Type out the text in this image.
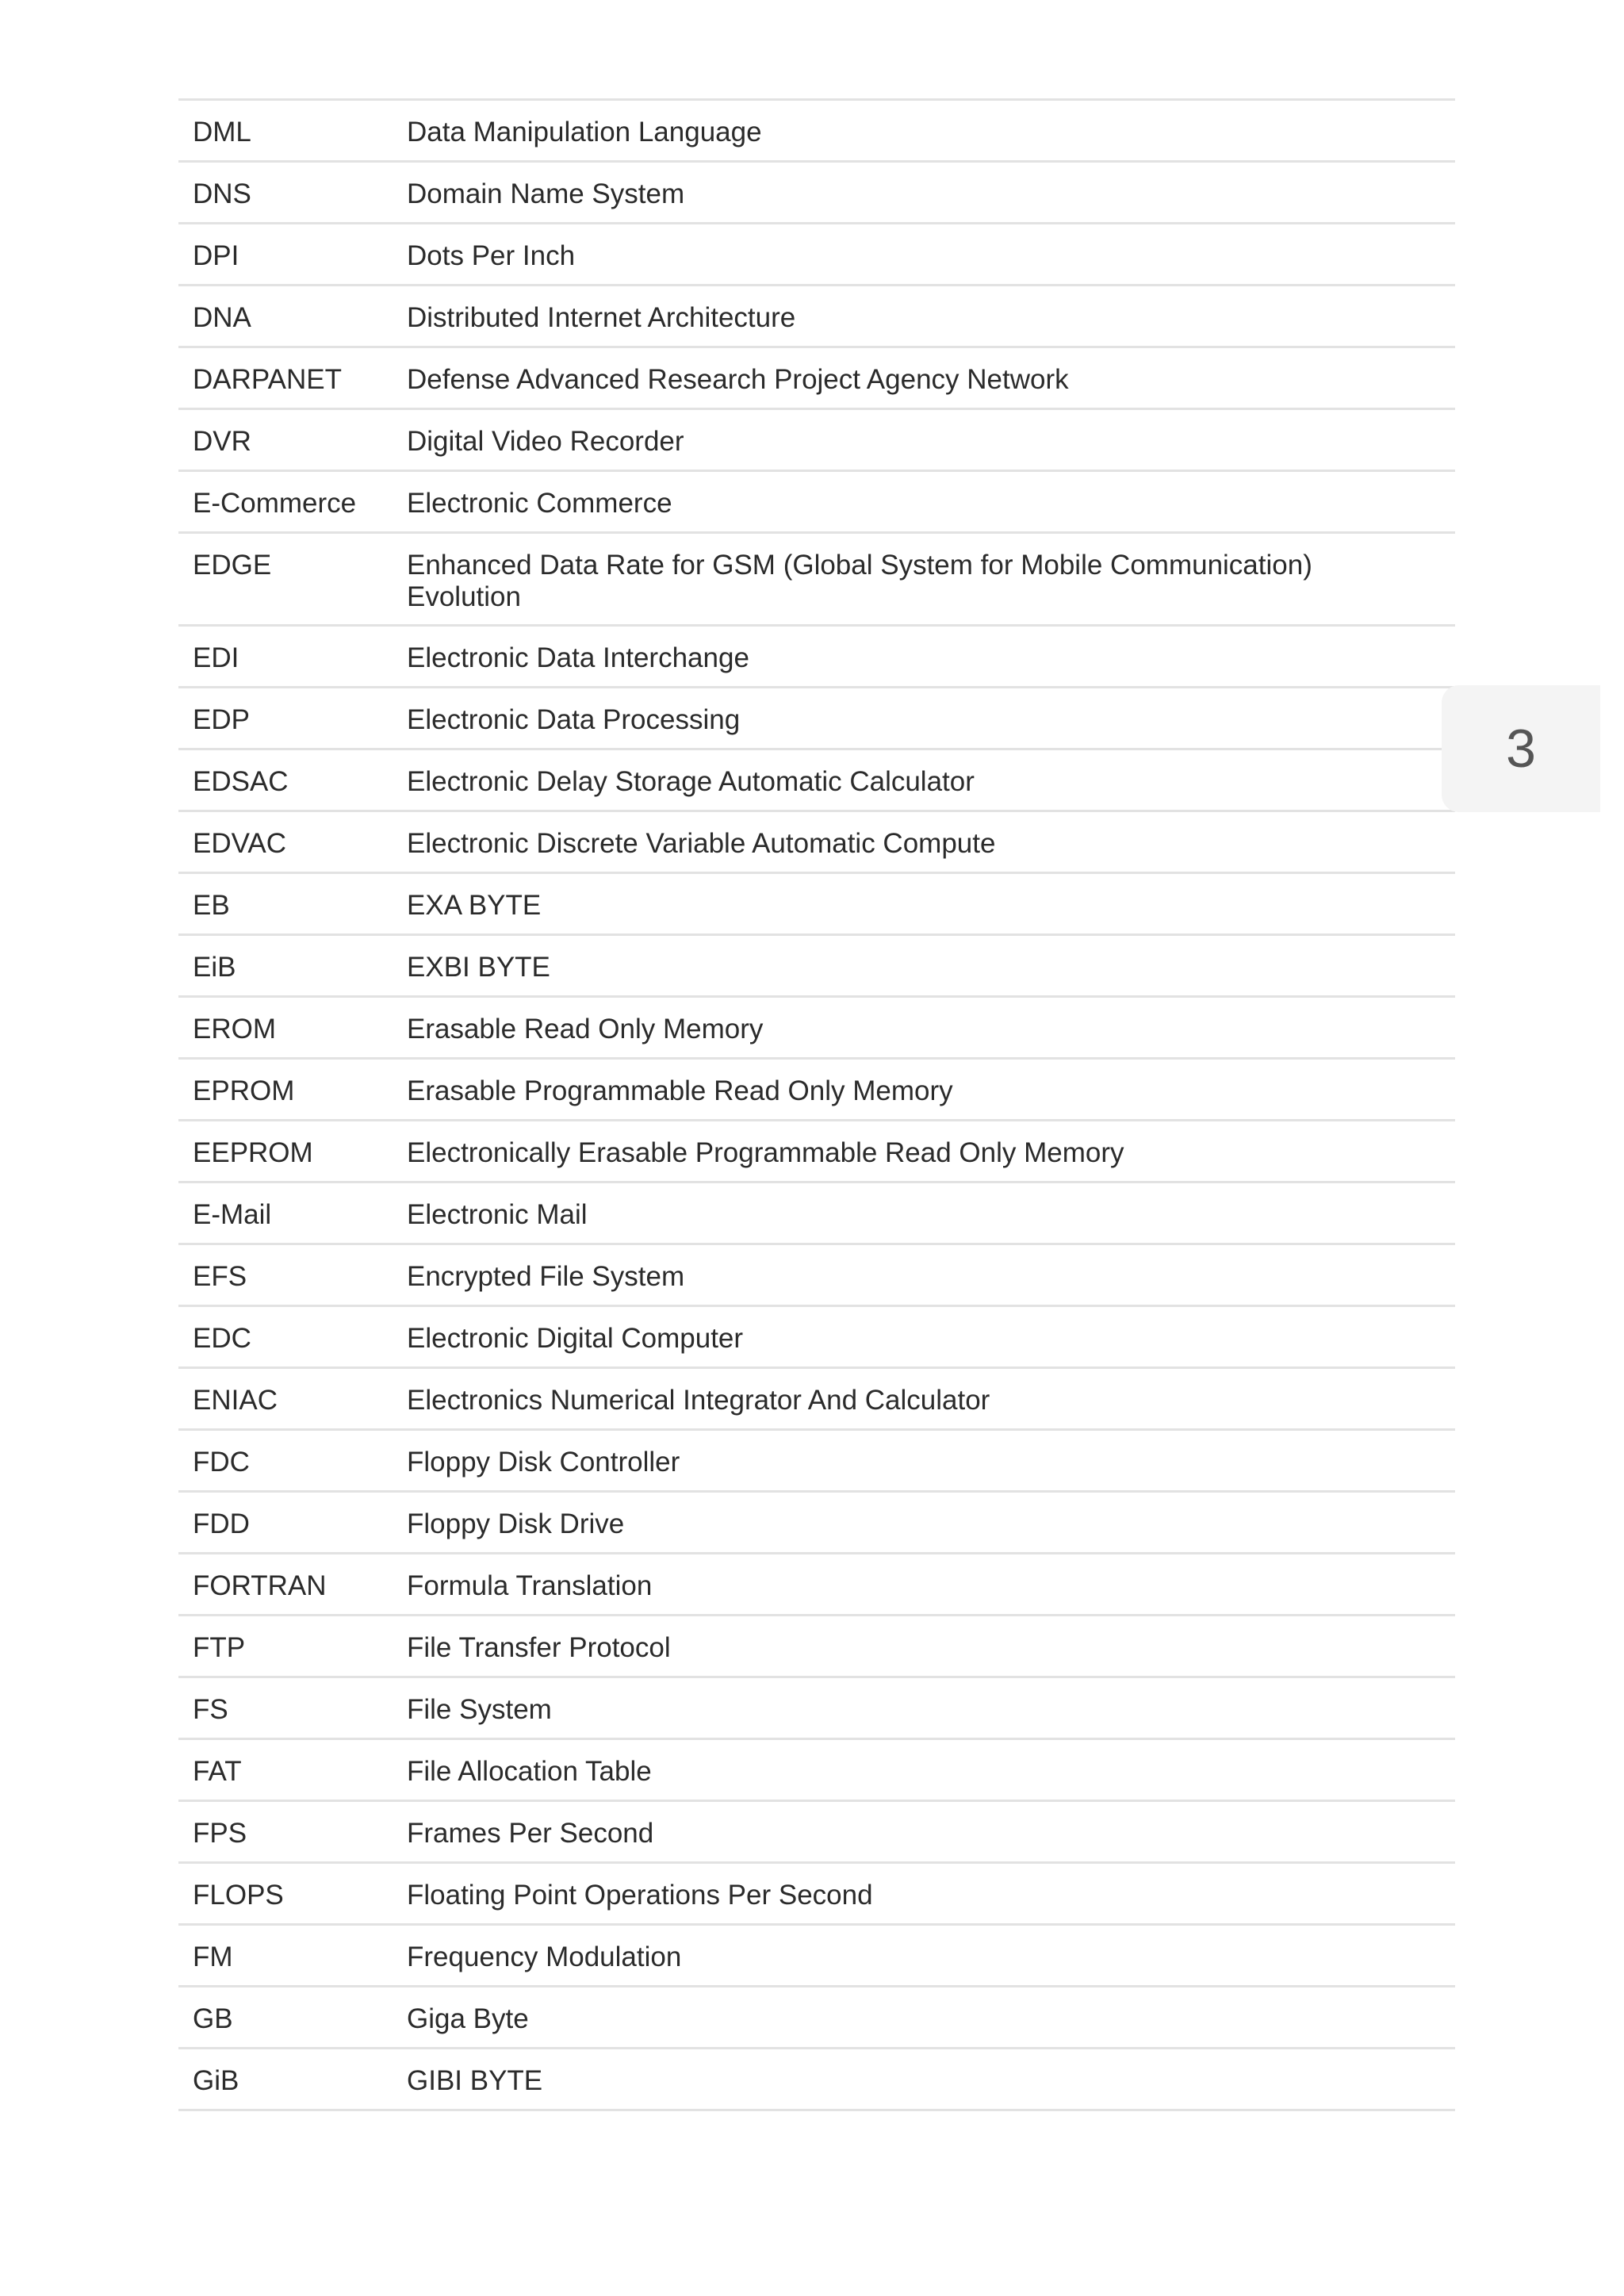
DML	Data Manipulation Language
DNS	Domain Name System
DPI	Dots Per Inch
DNA	Distributed Internet Architecture
DARPANET	Defense Advanced Research Project Agency Network
DVR	Digital Video Recorder
E-Commerce	Electronic Commerce
EDGE	Enhanced Data Rate for GSM (Global System for Mobile Communication) Evolution
EDI	Electronic Data Interchange
EDP	Electronic Data Processing
EDSAC	Electronic Delay Storage Automatic Calculator
EDVAC	Electronic Discrete Variable Automatic Compute
EB	EXA BYTE
EiB	EXBI BYTE
EROM	Erasable Read Only Memory
EPROM	Erasable Programmable Read Only Memory
EEPROM	Electronically Erasable Programmable Read Only Memory
E-Mail	Electronic Mail
EFS	Encrypted File System
EDC	Electronic Digital Computer
ENIAC	Electronics Numerical Integrator And Calculator
FDC	Floppy Disk Controller
FDD	Floppy Disk Drive
FORTRAN	Formula Translation
FTP	File Transfer Protocol
FS	File System
FAT	File Allocation Table
FPS	Frames Per Second
FLOPS	Floating Point Operations Per Second
FM	Frequency Modulation
GB	Giga Byte
GiB	GIBI BYTE
3
